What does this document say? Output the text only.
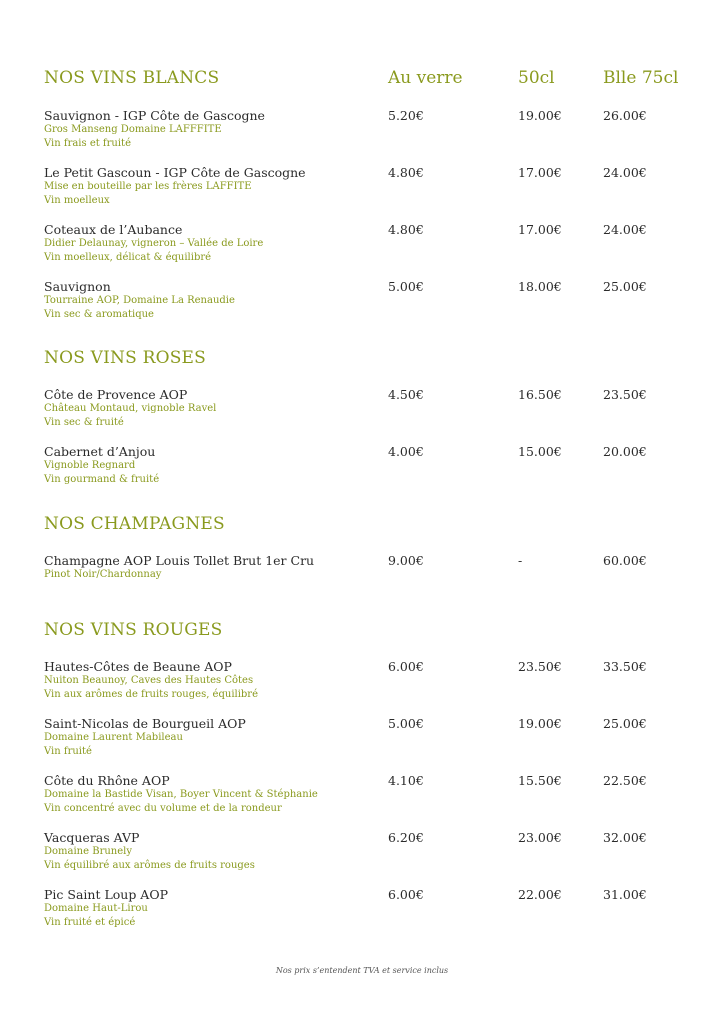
NOS VINS BLANCS	Au verre	50cl	Blle 75cl
Sauvignon - IGP Côte de Gascogne
Gros Manseng Domaine LAFFFITE
Vin frais et fruité
5.20€	19.00€	26.00€
Le Petit Gascoun - IGP Côte de Gascogne
Mise en bouteille par les frères LAFFITE
Vin moelleux
4.80€	17.00€	24.00€
Coteaux de l’Aubance
Didier Delaunay, vigneron – Vallée de Loire
Vin moelleux, délicat & équilibré
4.80€	17.00€	24.00€
Sauvignon
Tourraine AOP, Domaine La Renaudie
Vin sec & aromatique
5.00€	18.00€	25.00€
NOS VINS ROSES
Côte de Provence AOP
Château Montaud, vignoble Ravel
Vin sec & fruité
4.50€	16.50€	23.50€
Cabernet d’Anjou
Vignoble Regnard
Vin gourmand & fruité
4.00€	15.00€	20.00€
NOS CHAMPAGNES
Champagne AOP Louis Tollet Brut 1er Cru
Pinot Noir/Chardonnay
9.00€	-	60.00€
NOS VINS ROUGES
Hautes-Côtes de Beaune AOP
Nuiton Beaunoy, Caves des Hautes Côtes
Vin aux arômes de fruits rouges, équilibré
6.00€	23.50€	33.50€
Saint-Nicolas de Bourgueil AOP
Domaine Laurent Mabileau
Vin fruité
5.00€	19.00€	25.00€
Côte du Rhône AOP
Domaine la Bastide Visan, Boyer Vincent & Stéphanie
Vin concentré avec du volume et de la rondeur
4.10€	15.50€	22.50€
Vacqueras AVP
Domaine Brunely
Vin équilibré aux arômes de fruits rouges
6.20€	23.00€	32.00€
Pic Saint Loup AOP
Domaine Haut-Lirou
Vin fruité et épicé
6.00€	22.00€	31.00€
Nos prix s’entendent TVA et service inclus
